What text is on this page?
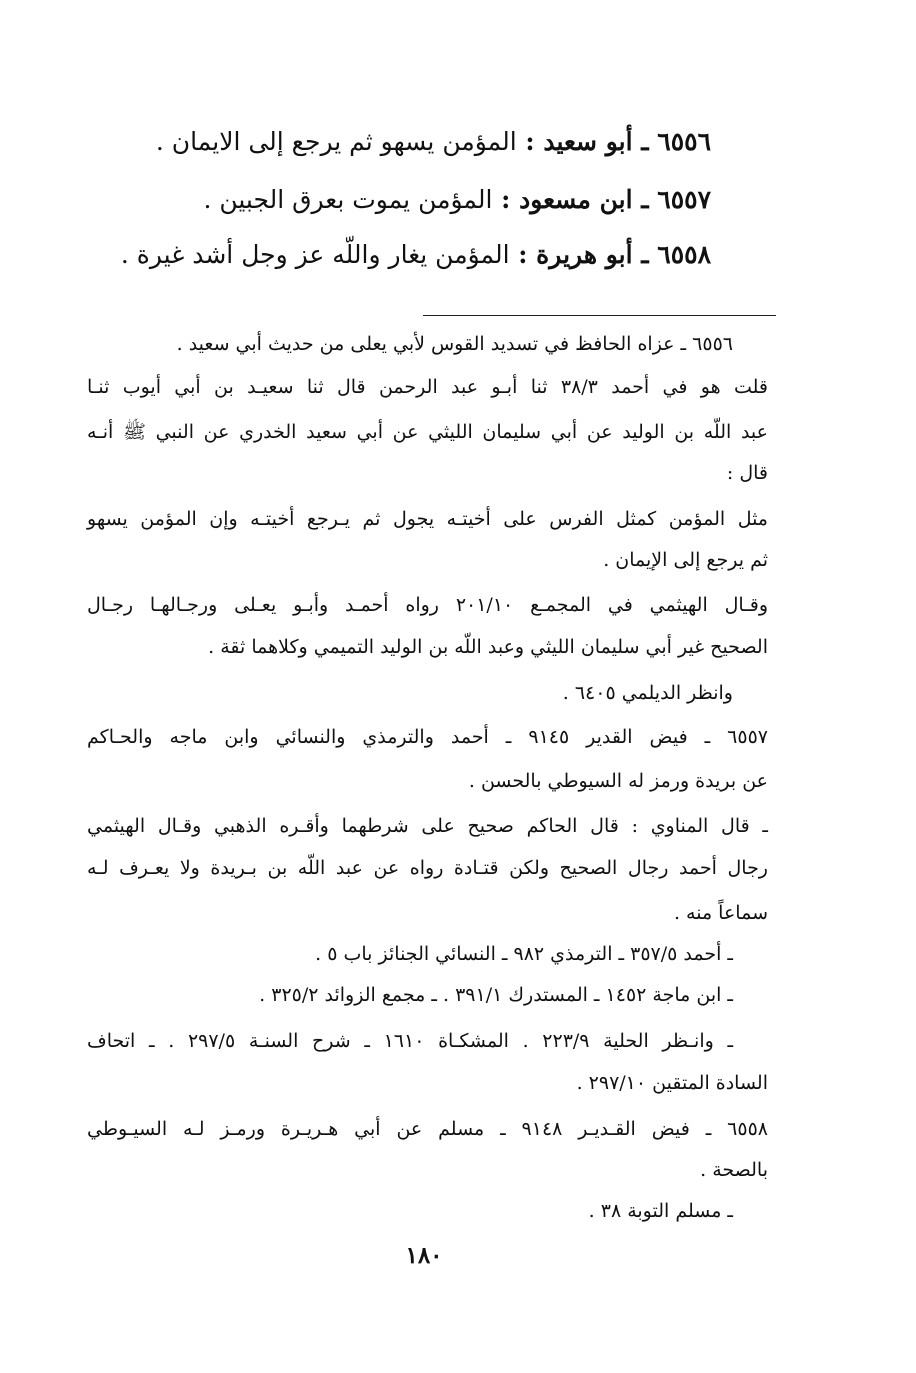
٦٥٥٦ ـ أبو سعيد : المؤمن يسهو ثم يرجع إلى الايمان .
٦٥٥٧ ـ ابن مسعود : المؤمن يموت بعرق الجبين .
٦٥٥٨ ـ أبو هريرة : المؤمن يغار واللّه عز وجل أشد غيرة .
٦٥٥٦ ـ عزاه الحافظ في تسديد القوس لأبي يعلى من حديث أبي سعيد .
قلت هو في أحمد ٣٨/٣ ثنا أبـو عبد الرحمن قال ثنا سعيـد بن أبي أيوب ثنـا
عبد اللّه بن الوليد عن أبي سليمان الليثي عن أبي سعيد الخدري عن النبي ﷺ أنـه
قال :
مثل المؤمن كمثل الفرس على أخيتـه يجول ثم يـرجع أخيتـه وإن المؤمن يسهو
ثم يرجع إلى الإيمان .
وقـال الهيثمي في المجمـع ٢٠١/١٠ رواه أحمـد وأبـو يعـلى ورجـالهـا رجـال
الصحيح غير أبي سليمان الليثي وعبد اللّه بن الوليد التميمي وكلاهما ثقة .
وانظر الديلمي ٦٤٠٥ .
٦٥٥٧ ـ فيض القدير ٩١٤٥ ـ أحمد والترمذي والنسائي وابن ماجه والحـاكم
عن بريدة ورمز له السيوطي بالحسن .
ـ قال المناوي : قال الحاكم صحيح على شرطهما وأقـره الذهبي وقـال الهيثمي
رجال أحمد رجال الصحيح ولكن قتـادة رواه عن عبد اللّه بن بـريدة ولا يعـرف لـه
سماعاً منه .
ـ أحمد ٣٥٧/٥ ـ الترمذي ٩٨٢ ـ النسائي الجنائز باب ٥ .
ـ ابن ماجة ١٤٥٢ ـ المستدرك ٣٩١/١ . ـ مجمع الزوائد ٣٢٥/٢ .
ـ وانـظر الحلية ٢٢٣/٩ . المشكـاة ١٦١٠ ـ شرح السنـة ٢٩٧/٥ . ـ اتحاف
السادة المتقين ٢٩٧/١٠ .
٦٥٥٨ ـ فيض القـديـر ٩١٤٨ ـ مسلم عن أبي هـريـرة ورمـز لـه السيـوطي
بالصحة .
ـ مسلم التوبة ٣٨ .
١٨٠
